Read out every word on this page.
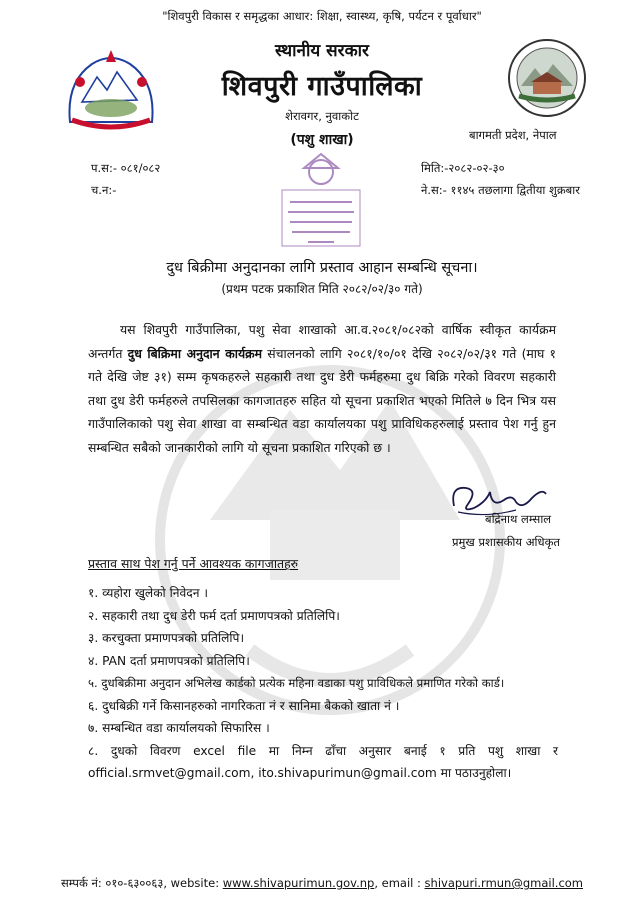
"शिवपुरी विकास र समृद्धका आधार: शिक्षा, स्वास्थ्य, कृषि, पर्यटन र पूर्वाधार"
स्थानीय सरकार
शिवपुरी गाउँपालिका
शेरावगर, नुवाकोट
(पशु शाखा)	बागमती प्रदेश, नेपाल
प.स:- ०८१/०८२
च.न:-
मिति:-२०८२-०२-३०
ने.स:- ११४५ तछलागा द्वितीया शुक्रबार
दुध बिक्रीमा अनुदानका लागि प्रस्ताव आहान सम्बन्धि सूचना।
(प्रथम पटक प्रकाशित मिति २०८२/०२/३० गते)
यस शिवपुरी गाउँपालिका, पशु सेवा शाखाको आ.व.२०८१/०८२को वार्षिक स्वीकृत कार्यक्रम अन्तर्गत दुध बिक्रिमा अनुदान कार्यक्रम संचालनको लागि २०८१/१०/०१ देखि २०८२/०२/३१ गते (माघ १ गते देखि जेष्ट ३१) सम्म कृषकहरुले सहकारी तथा दुध डेरी फर्महरुमा दुध बिक्रि गरेको विवरण सहकारी तथा दुध डेरी फर्महरुले तपसिलका कागजातहरु सहित यो सूचना प्रकाशित भएको मितिले ७ दिन भित्र यस गाउँपालिकाको पशु सेवा शाखा वा सम्बन्धित वडा कार्यालयका पशु प्राविधिकहरुलाई प्रस्ताव पेश गर्नु हुन सम्बन्धित सबैको जानकारीको लागि यो सूचना प्रकाशित गरिएको छ ।
बद्रिनाथ लम्साल
प्रमुख प्रशासकीय अधिकृत
प्रस्ताव साथ पेश गर्नु पर्ने आवश्यक कागजातहरु
१. व्यहोरा खुलेको निवेदन ।
२. सहकारी तथा दुध डेरी फर्म दर्ता प्रमाणपत्रको प्रतिलिपि।
३. करचुक्ता प्रमाणपत्रको प्रतिलिपि।
४. PAN दर्ता प्रमाणपत्रको प्रतिलिपि।
५. दुधबिक्रीमा अनुदान अभिलेख कार्डको प्रत्येक महिना वडाका पशु प्राविधिकले प्रमाणित गरेको कार्ड।
६. दुधबिक्री गर्ने किसानहरुको नागरिकता नं र सानिमा बैकको खाता नं ।
७. सम्बन्धित वडा कार्यालयको सिफारिस ।
८. दुधको विवरण excel file मा निम्न ढाँचा अनुसार बनाई १ प्रति पशु शाखा र official.srmvet@gmail.com, ito.shivapurimun@gmail.com मा पठाउनुहोला।
सम्पर्क नं: ०१०-६३००६३, website: www.shivapurimun.gov.np, email : shivapuri.rmun@gmail.com
